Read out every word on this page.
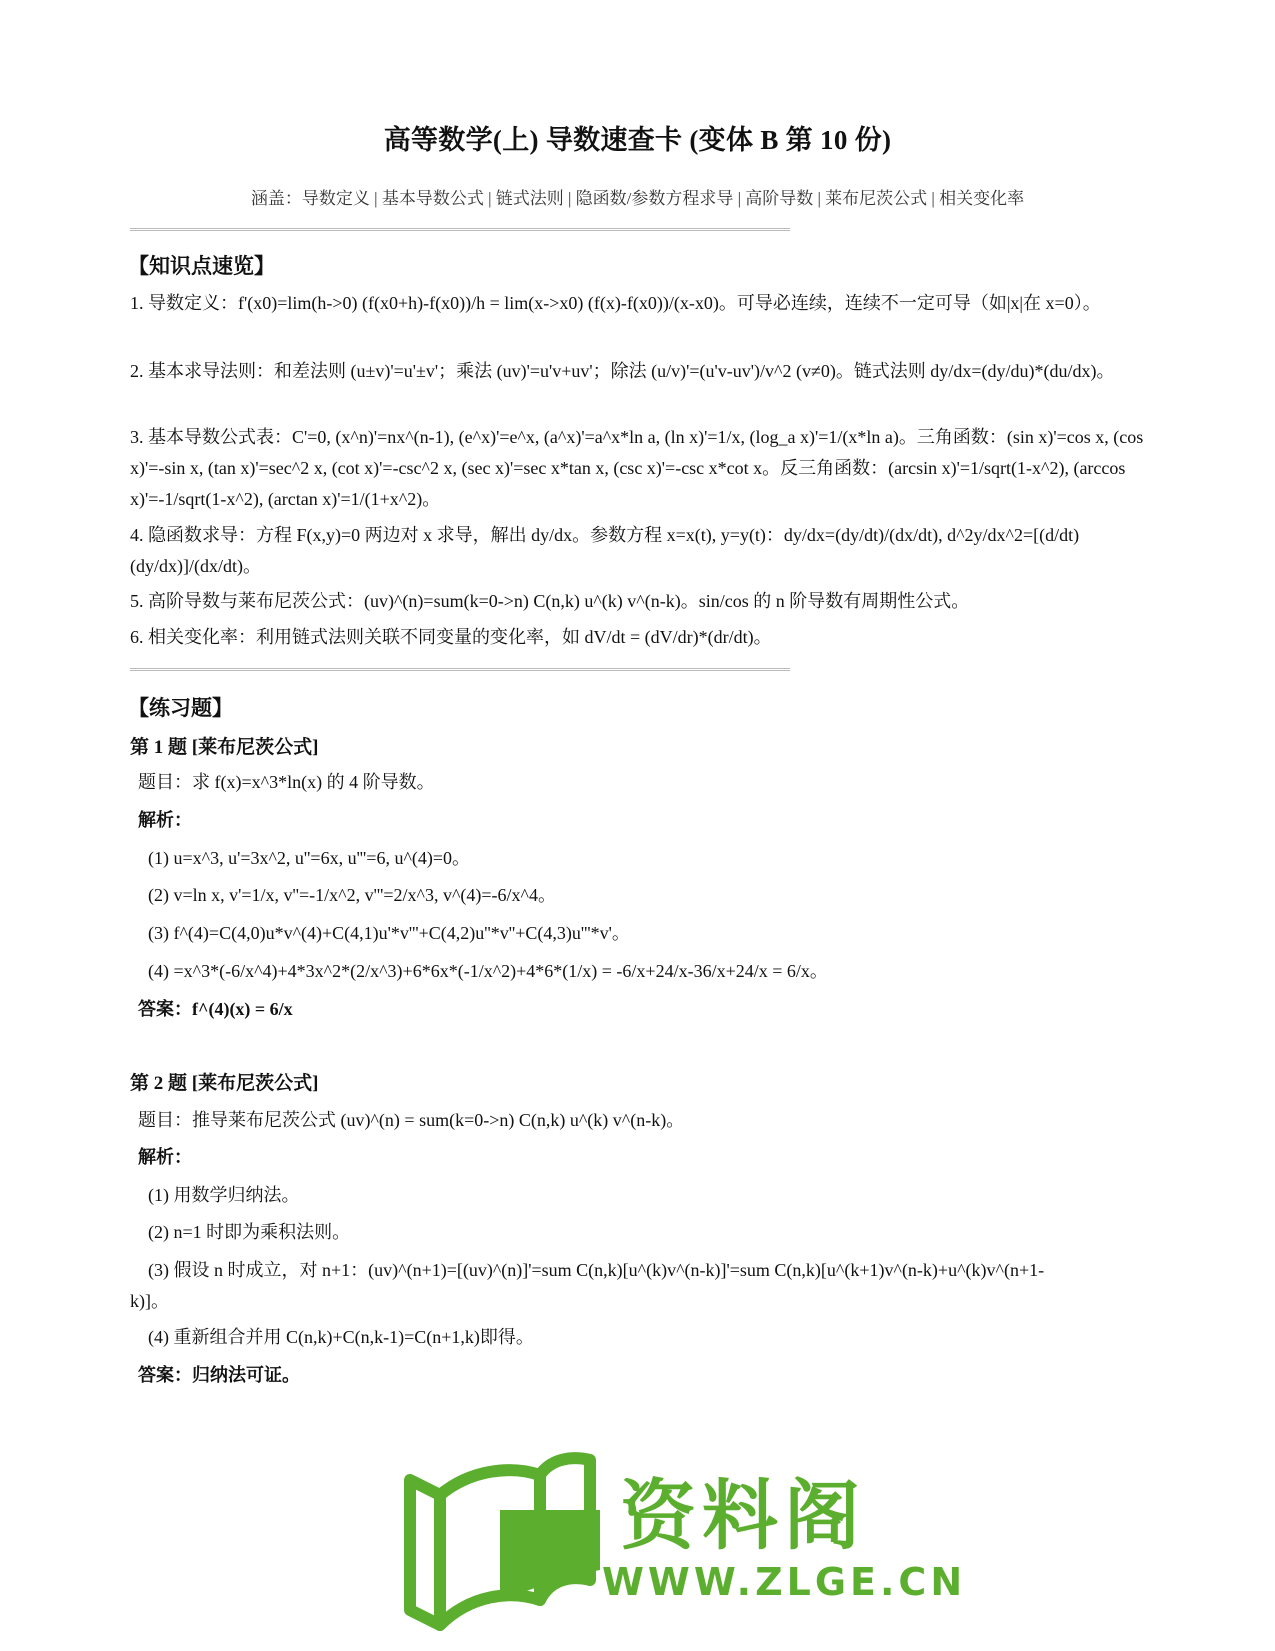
高等数学(上) 导数速查卡 (变体 B 第 10 份)
涵盖：导数定义 | 基本导数公式 | 链式法则 | 隐函数/参数方程求导 | 高阶导数 | 莱布尼茨公式 | 相关变化率
【知识点速览】
1. 导数定义：f'(x0)=lim(h->0) (f(x0+h)-f(x0))/h = lim(x->x0) (f(x)-f(x0))/(x-x0)。可导必连续，连续不一定可导（如|x|在 x=0）。
2. 基本求导法则：和差法则 (u±v)'=u'±v'；乘法 (uv)'=u'v+uv'；除法 (u/v)'=(u'v-uv')/v^2 (v≠0)。链式法则 dy/dx=(dy/du)*(du/dx)。
3. 基本导数公式表：C'=0, (x^n)'=nx^(n-1), (e^x)'=e^x, (a^x)'=a^x*ln a, (ln x)'=1/x, (log_a x)'=1/(x*ln a)。三角函数：(sin x)'=cos x, (cos x)'=-sin x, (tan x)'=sec^2 x, (cot x)'=-csc^2 x, (sec x)'=sec x*tan x, (csc x)'=-csc x*cot x。反三角函数：(arcsin x)'=1/sqrt(1-x^2), (arccos x)'=-1/sqrt(1-x^2), (arctan x)'=1/(1+x^2)。
4. 隐函数求导：方程 F(x,y)=0 两边对 x 求导，解出 dy/dx。参数方程 x=x(t), y=y(t)：dy/dx=(dy/dt)/(dx/dt), d^2y/dx^2=[(d/dt)(dy/dx)]/(dx/dt)。
5. 高阶导数与莱布尼茨公式：(uv)^(n)=sum(k=0->n) C(n,k) u^(k) v^(n-k)。sin/cos 的 n 阶导数有周期性公式。
6. 相关变化率：利用链式法则关联不同变量的变化率，如 dV/dt = (dV/dr)*(dr/dt)。
【练习题】
第 1 题 [莱布尼茨公式]
题目：求 f(x)=x^3*ln(x) 的 4 阶导数。
解析：
(1) u=x^3, u'=3x^2, u''=6x, u'''=6, u^(4)=0。
(2) v=ln x, v'=1/x, v''=-1/x^2, v'''=2/x^3, v^(4)=-6/x^4。
(3) f^(4)=C(4,0)u*v^(4)+C(4,1)u'*v'''+C(4,2)u''*v''+C(4,3)u'''*v'。
(4) =x^3*(-6/x^4)+4*3x^2*(2/x^3)+6*6x*(-1/x^2)+4*6*(1/x) = -6/x+24/x-36/x+24/x = 6/x。
答案：f^(4)(x) = 6/x
第 2 题 [莱布尼茨公式]
题目：推导莱布尼茨公式 (uv)^(n) = sum(k=0->n) C(n,k) u^(k) v^(n-k)。
解析：
(1) 用数学归纳法。
(2) n=1 时即为乘积法则。
(3) 假设 n 时成立，对 n+1：(uv)^(n+1)=[(uv)^(n)]'=sum C(n,k)[u^(k)v^(n-k)]'=sum C(n,k)[u^(k+1)v^(n-k)+u^(k)v^(n+1-k)]。
(4) 重新组合并用 C(n,k)+C(n,k-1)=C(n+1,k)即得。
答案：归纳法可证。
资料阁
WWW.ZLGE.CN
